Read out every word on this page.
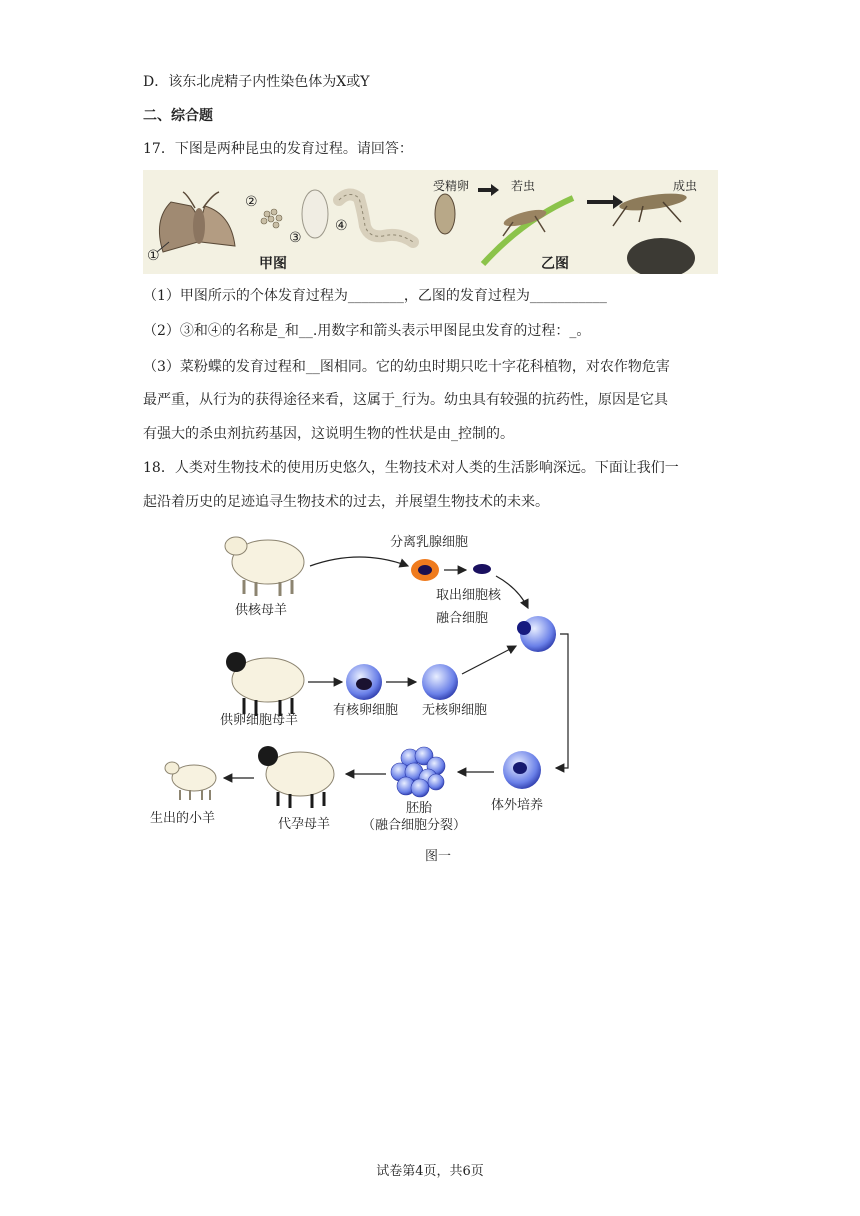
D．该东北虎精子内性染色体为X或Y
二、综合题
17．下图是两种昆虫的发育过程。请回答：
①
②
③
④
甲图
受精卵	若虫	成虫
乙图
（1）甲图所示的个体发育过程为________，乙图的发育过程为___________
（2）③和④的名称是_和__.用数字和箭头表示甲图昆虫发育的过程：_。
（3）菜粉蝶的发育过程和__图相同。它的幼虫时期只吃十字花科植物，对农作物危害
最严重，从行为的获得途径来看，这属于_行为。幼虫具有较强的抗药性，原因是它具
有强大的杀虫剂抗药基因，这说明生物的性状是由_控制的。
18．人类对生物技术的使用历史悠久，生物技术对人类的生活影响深远。下面让我们一
起沿着历史的足迹追寻生物技术的过去，并展望生物技术的未来。
供核母羊
分离乳腺细胞
取出细胞核
融合细胞
供卵细胞母羊
有核卵细胞 无核卵细胞
体外培养
胚胎
（融合细胞分裂）
代孕母羊
生出的小羊
图一
试卷第4页，共6页
